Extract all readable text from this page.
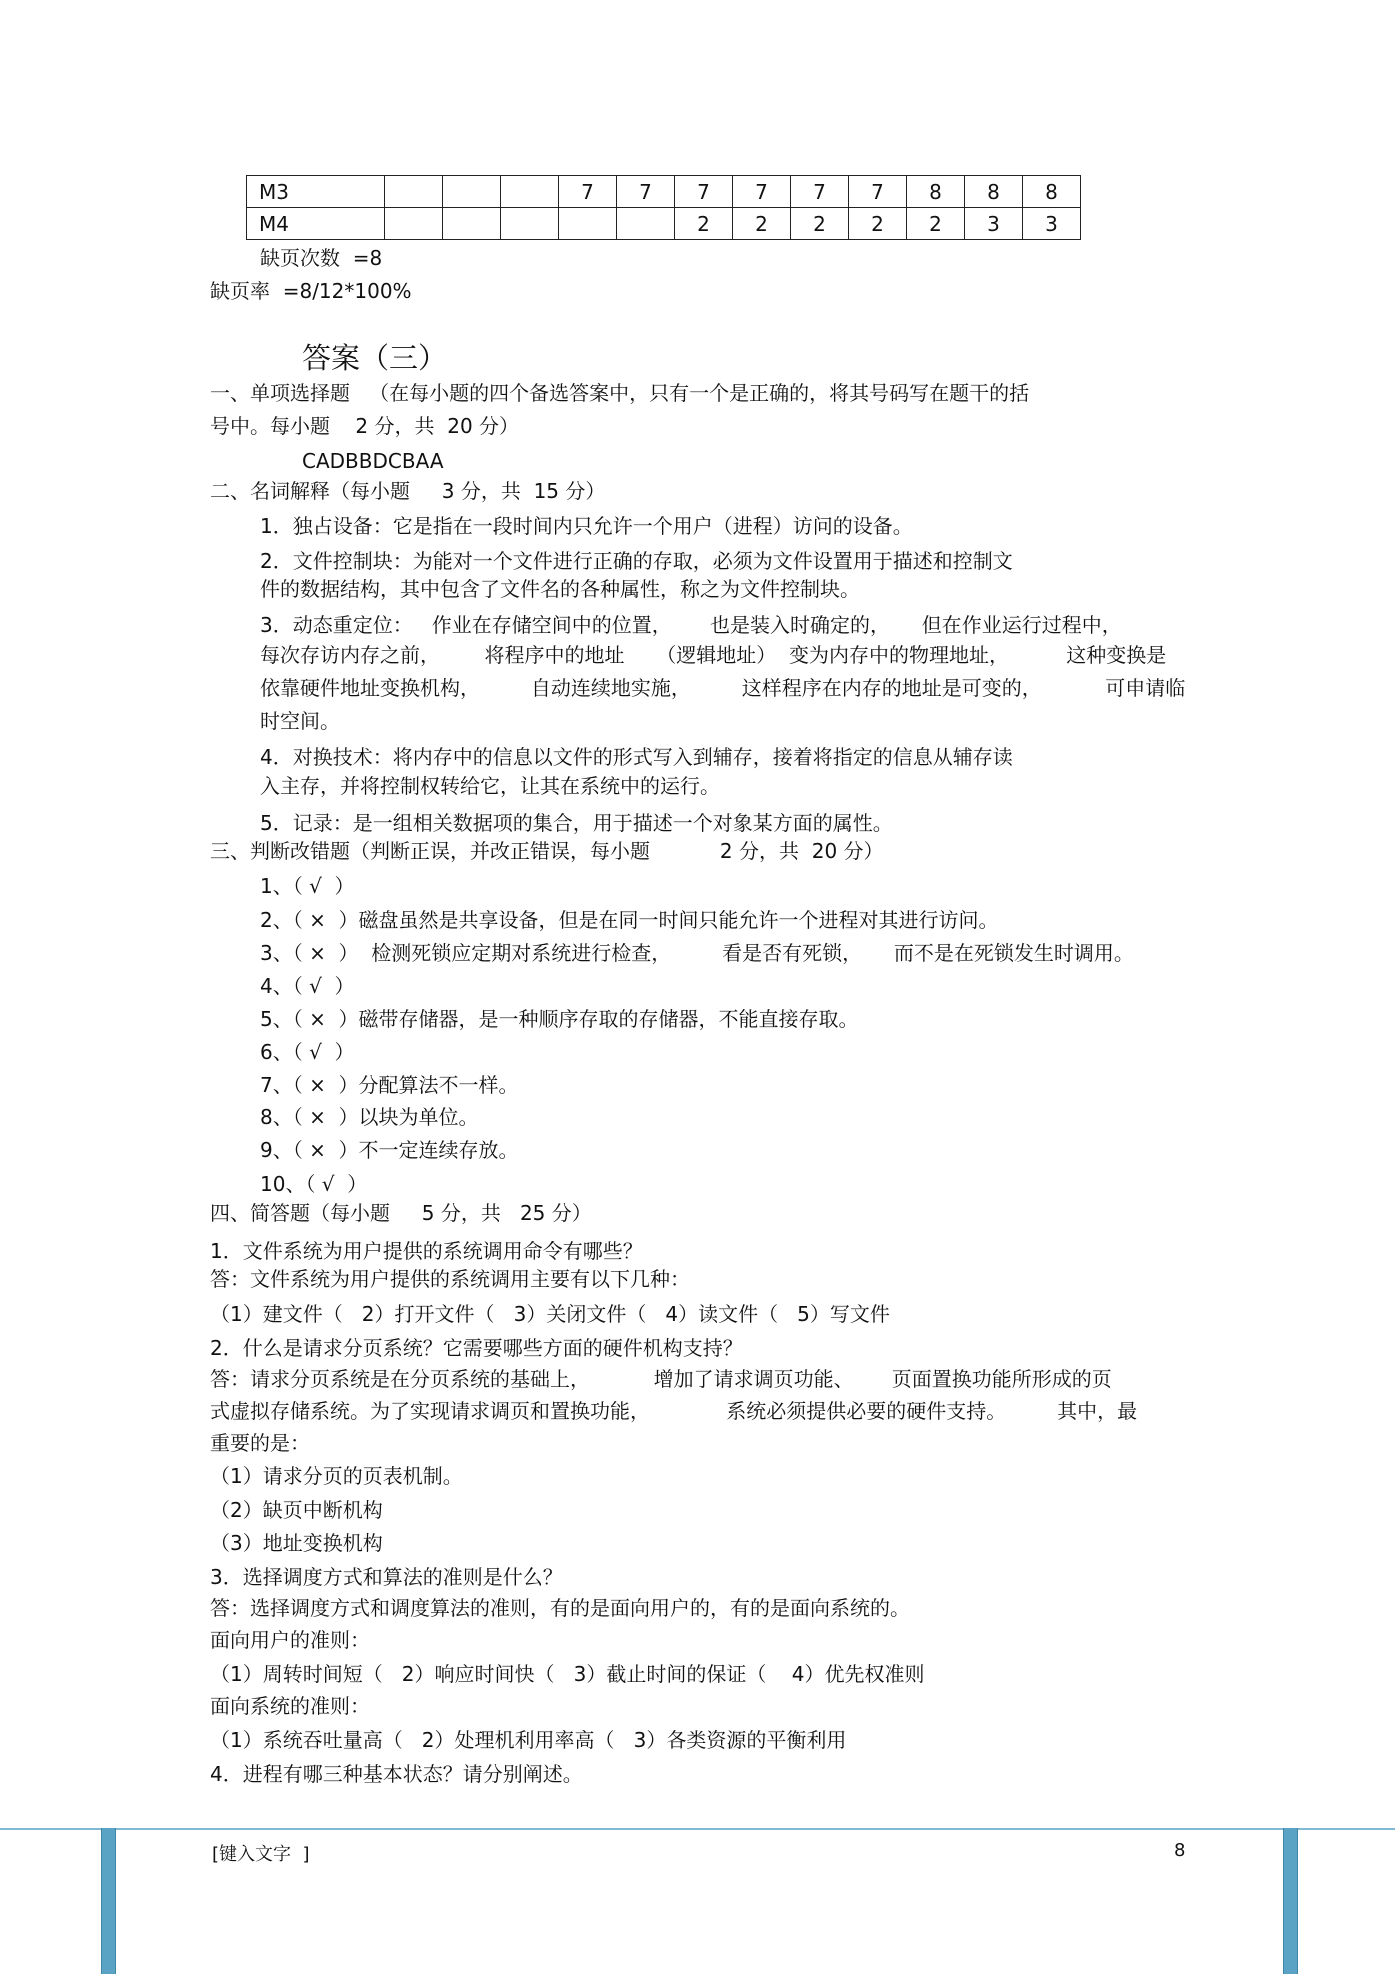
M3				7	7	7	7	7	7	8	8	8
M4						2	2	2	2	2	3	3
缺页次数  =8
缺页率  =8/12*100%
答案（三）
一、单项选择题   （在每小题的四个备选答案中，只有一个是正确的，将其号码写在题干的括
号中。每小题    2 分，共  20 分）
CADBBDCBAA
二、名词解释（每小题     3 分，共  15 分）
1．独占设备：它是指在一段时间内只允许一个用户（进程）访问的设备。
2．文件控制块：为能对一个文件进行正确的存取，必须为文件设置用于描述和控制文
件的数据结构，其中包含了文件名的各种属性，称之为文件控制块。
3．动态重定位：   作业在存储空间中的位置，      也是装入时确定的，     但在作业运行过程中，
每次存访内存之前，       将程序中的地址     （逻辑地址）  变为内存中的物理地址，         这种变换是
依靠硬件地址变换机构，        自动连续地实施，        这样程序在内存的地址是可变的，          可申请临
时空间。
4．对换技术：将内存中的信息以文件的形式写入到辅存，接着将指定的信息从辅存读
入主存，并将控制权转给它，让其在系统中的运行。
5．记录：是一组相关数据项的集合，用于描述一个对象某方面的属性。
三、判断改错题（判断正误，并改正错误，每小题           2 分，共  20 分）
1、（ √  ）
2、（ ×  ）磁盘虽然是共享设备，但是在同一时间只能允许一个进程对其进行访问。
3、（ ×  ）  检测死锁应定期对系统进行检查，        看是否有死锁，     而不是在死锁发生时调用。
4、（ √  ）
5、（ ×  ）磁带存储器，是一种顺序存取的存储器，不能直接存取。
6、（ √  ）
7、（ ×  ）分配算法不一样。
8、（ ×  ）以块为单位。
9、（ ×  ）不一定连续存放。
10、（ √  ）
四、简答题（每小题     5 分，共   25 分）
1．文件系统为用户提供的系统调用命令有哪些？
答：文件系统为用户提供的系统调用主要有以下几种：
（1）建文件（   2）打开文件（   3）关闭文件（   4）读文件（   5）写文件
2．什么是请求分页系统？它需要哪些方面的硬件机构支持？
答：请求分页系统是在分页系统的基础上，          增加了请求调页功能、      页面置换功能所形成的页
式虚拟存储系统。为了实现请求调页和置换功能，            系统必须提供必要的硬件支持。        其中，最
重要的是：
（1）请求分页的页表机制。
（2）缺页中断机构
（3）地址变换机构
3．选择调度方式和算法的准则是什么？
答：选择调度方式和调度算法的准则，有的是面向用户的，有的是面向系统的。
面向用户的准则：
（1）周转时间短（   2）响应时间快（   3）截止时间的保证（    4）优先权准则
面向系统的准则：
（1）系统吞吐量高（   2）处理机利用率高（   3）各类资源的平衡利用
4．进程有哪三种基本状态？请分别阐述。
[键入文字  ]	8
